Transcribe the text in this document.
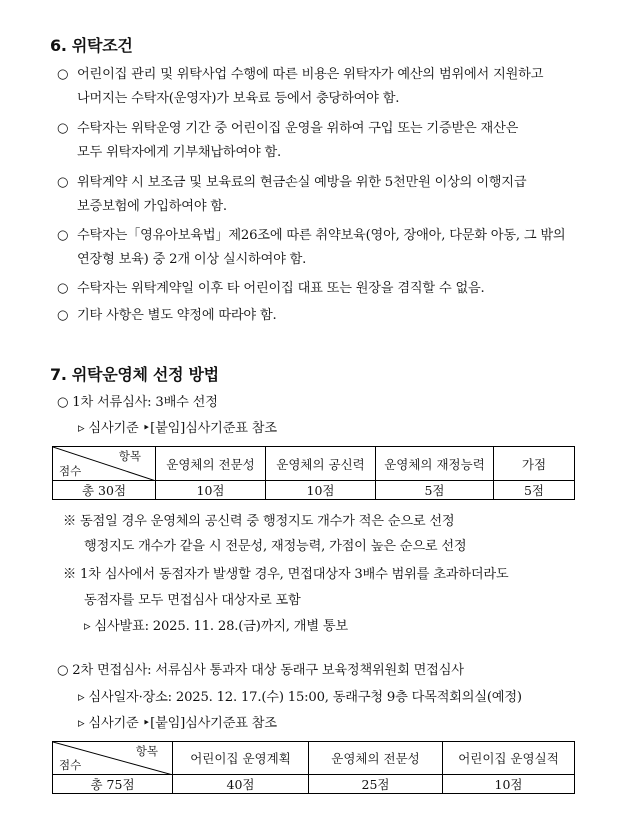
6. 위탁조건
○ 어린이집 관리 및 위탁사업 수행에 따른 비용은 위탁자가 예산의 범위에서 지원하고
나머지는 수탁자(운영자)가 보육료 등에서 충당하여야 함.
○ 수탁자는 위탁운영 기간 중 어린이집 운영을 위하여 구입 또는 기증받은 재산은
모두 위탁자에게 기부채납하여야 함.
○ 위탁계약 시 보조금 및 보육료의 현금손실 예방을 위한 5천만원 이상의 이행지급
보증보험에 가입하여야 함.
○ 수탁자는「영유아보육법」제26조에 따른 취약보육(영아, 장애아, 다문화 아동, 그 밖의
연장형 보육) 중 2개 이상 실시하여야 함.
○ 수탁자는 위탁계약일 이후 타 어린이집 대표 또는 원장을 겸직할 수 없음.
○ 기타 사항은 별도 약정에 따라야 함.
7. 위탁운영체 선정 방법
○ 1차 서류심사: 3배수 선정
▹ 심사기준 ‣[붙임]심사기준표 참조
항목
점수	운영체의 전문성	운영체의 공신력	운영체의 재정능력	가점
총 30점	10점	10점	5점	5점
※ 동점일 경우 운영체의 공신력 중 행정지도 개수가 적은 순으로 선정
행정지도 개수가 같을 시 전문성, 재정능력, 가점이 높은 순으로 선정
※ 1차 심사에서 동점자가 발생할 경우, 면접대상자 3배수 범위를 초과하더라도
동점자를 모두 면접심사 대상자로 포함
▹ 심사발표: 2025. 11. 28.(금)까지, 개별 통보
○ 2차 면접심사: 서류심사 통과자 대상 동래구 보육정책위원회 면접심사
▹ 심사일자·장소: 2025. 12. 17.(수) 15:00, 동래구청 9층 다목적회의실(예정)
▹ 심사기준 ‣[붙임]심사기준표 참조
항목
점수	어린이집 운영계획	운영체의 전문성	어린이집 운영실적
총 75점	40점	25점	10점
